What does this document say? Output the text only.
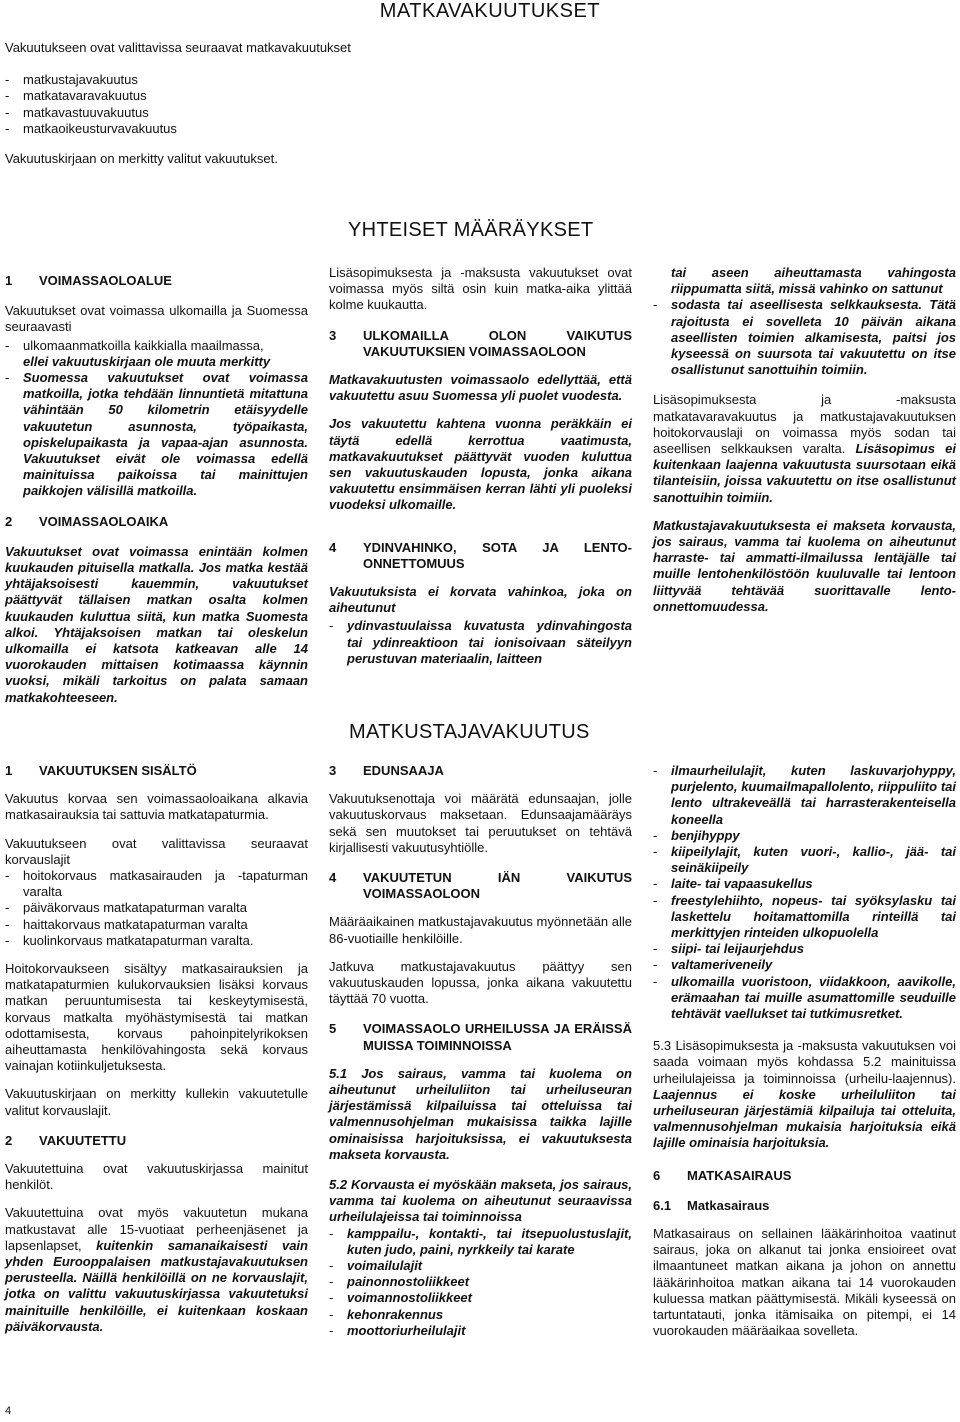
MATKAVAKUUTUKSET

Vakuutukseen ovat valittavissa seuraavat matkavakuutukset

-	matkustajavakuutus
-	matkatavaravakuutus
-	matkavastuuvakuutus
-	matkaoikeusturvavakuutus

Vakuutuskirjaan on merkitty valitut vakuutukset.

YHTEISET MÄÄRÄYKSET
1	VOIMASSAOLOALUE

Vakuutukset ovat voimassa ulkomailla ja Suomessa seuraavasti

-	ulkomaanmatkoilla kaikkialla maailmassa,
ellei vakuutuskirjaan ole muuta merkitty
-	Suomessa vakuutukset ovat voimassa matkoilla, jotka tehdään linnuntietä mitattuna vähintään 50 kilometrin etäisyydelle vakuutetun asunnosta, työpaikasta, opiskelupaikasta ja vapaa-ajan asunnosta. Vakuutukset eivät ole voimassa edellä mainituissa paikoissa tai mainittujen paikkojen välisillä matkoilla.
2	VOIMASSAOLOAIKA

Vakuutukset ovat voimassa enintään kolmen kuukauden pituisella matkalla. Jos matka kestää yhtäjaksoisesti kauemmin, vakuutukset päättyvät tällaisen matkan osalta kolmen kuukauden kuluttua siitä, kun matka Suomesta alkoi. Yhtäjaksoisen matkan tai oleskelun ulkomailla ei katsota katkeavan alle 14 vuorokauden mittaisen kotimaassa käynnin vuoksi, mikäli tarkoitus on palata samaan matkakohteeseen.

Lisäsopimuksesta ja -maksusta vakuutukset ovat voimassa myös siltä osin kuin matka-aika ylittää kolme kuukautta.

3	ULKOMAILLA OLON VAIKUTUS VAKUUTUKSIEN VOIMASSAOLOON

Matkavakuutusten voimassaolo edellyttää, että vakuutettu asuu Suomessa yli puolet vuodesta.

Jos vakuutettu kahtena vuonna peräkkäin ei täytä edellä kerrottua vaatimusta, matkavakuutukset päättyvät vuoden kuluttua sen vakuutuskauden lopusta, jonka aikana vakuutettu ensimmäisen kerran lähti yli puoleksi vuodeksi ulkomaille.

4	YDINVAHINKO, SOTA JA LENTO-ONNETTOMUUS

Vakuutuksista ei korvata vahinkoa, joka on aiheutunut

-	ydinvastuulaissa kuvatusta ydinvahingosta tai ydinreaktioon tai ionisoivaan säteilyyn perustuvan materiaalin, laitteen
tai aseen aiheuttamasta vahingosta riippumatta siitä, missä vahinko on sattunut
-	sodasta tai aseellisesta selkkauksesta. Tätä rajoitusta ei sovelleta 10 päivän aikana aseellisten toimien alkamisesta, paitsi jos kyseessä on suursota tai vakuutettu on itse osallistunut sanottuihin toimiin.

Lisäsopimuksesta ja -maksusta matkatavaravakuutus ja matkustajavakuutuksen hoitokorvauslaji on voimassa myös sodan tai aseellisen selkkauksen varalta. Lisäsopimus ei kuitenkaan laajenna vakuutusta suursotaan eikä tilanteisiin, joissa vakuutettu on itse osallistunut sanottuihin toimiin.

Matkustajavakuutuksesta ei makseta korvausta, jos sairaus, vamma tai kuolema on aiheutunut harraste- tai ammatti-ilmailussa lentäjälle tai muille lentohenkilöstöön kuuluvalle tai lentoon liittyvää tehtävää suorittavalle lento-onnettomuudessa.

MATKUSTAJAVAKUUTUS
1	VAKUUTUKSEN SISÄLTÖ

Vakuutus korvaa sen voimassaoloaikana alkavia matkasairauksia tai sattuvia matkatapaturmia.

Vakuutukseen ovat valittavissa seuraavat korvauslajit

-	hoitokorvaus matkasairauden ja -tapaturman varalta
-	päiväkorvaus matkatapaturman varalta
-	haittakorvaus matkatapaturman varalta
-	kuolinkorvaus matkatapaturman varalta.

Hoitokorvaukseen sisältyy matkasairauksien ja matkatapaturmien kulukorvauksien lisäksi korvaus matkan peruuntumisesta tai keskeytymisestä, korvaus matkalta myöhästymisestä tai matkan odottamisesta, korvaus pahoinpitelyrikoksen aiheuttamasta henkilövahingosta sekä korvaus vainajan kotiinkuljetuksesta.

Vakuutuskirjaan on merkitty kullekin vakuutetulle valitut korvauslajit.

2	VAKUUTETTU

Vakuutettuina ovat vakuutuskirjassa mainitut henkilöt.

Vakuutettuina ovat myös vakuutetun mukana matkustavat alle 15-vuotiaat perheenjäsenet ja lapsenlapset, kuitenkin samanaikaisesti vain yhden Eurooppalaisen matkustajavakuutuksen perusteella. Näillä henkilöillä on ne korvauslajit, jotka on valittu vakuutuskirjassa vakuutetuksi mainituille henkilöille, ei kuitenkaan koskaan päiväkorvausta.

3	EDUNSAAJA

Vakuutuksenottaja voi määrätä edunsaajan, jolle vakuutuskorvaus maksetaan. Edunsaajamääräys sekä sen muutokset tai peruutukset on tehtävä kirjallisesti vakuutusyhtiölle.

4	VAKUUTETUN IÄN VAIKUTUS VOIMASSAOLOON

Määräaikainen matkustajavakuutus myönnetään alle 86-vuotiaille henkilöille.

Jatkuva matkustajavakuutus päättyy sen vakuutuskauden lopussa, jonka aikana vakuutettu täyttää 70 vuotta.

5	VOIMASSAOLO URHEILUSSA JA ERÄISSÄ MUISSA TOIMINNOISSA

5.1 Jos sairaus, vamma tai kuolema on aiheutunut urheiluliiton tai urheiluseuran järjestämissä kilpailuissa tai otteluissa tai valmennusohjelman mukaisissa taikka lajille ominaisissa harjoituksissa, ei vakuutuksesta makseta korvausta.

5.2 Korvausta ei myöskään makseta, jos sairaus, vamma tai kuolema on aiheutunut seuraavissa urheilulajeissa tai toiminnoissa

-	kamppailu-, kontakti-, tai itsepuolustuslajit, kuten judo, paini, nyrkkeily tai karate
-	voimailulajit
-	painonnostoliikkeet
-	voimannostoliikkeet
-	kehonrakennus
-	moottoriurheilulajit
-	ilmaurheilulajit, kuten laskuvarjohyppy, purjelento, kuumailmapallolento, riippuliito tai lento ultrakeveällä tai harrasterakenteisella koneella
-	benjihyppy
-	kiipeilylajit, kuten vuori-, kallio-, jää- tai seinäkiipeily
-	laite- tai vapaasukellus
-	freestylehiihto, nopeus- tai syöksylasku tai laskettelu hoitamattomilla rinteillä tai merkittyjen rinteiden ulkopuolella
-	siipi- tai leijaurjehdus
-	valtameriveneily
-	ulkomailla vuoristoon, viidakkoon, aavikolle, erämaahan tai muille asumattomille seuduille tehtävät vaellukset tai tutkimusretket.

5.3 Lisäsopimuksesta ja -maksusta vakuutuksen voi saada voimaan myös kohdassa 5.2 mainituissa urheilulajeissa ja toiminnoissa (urheilu-laajennus). Laajennus ei koske urheiluliiton tai urheiluseuran järjestämiä kilpailuja tai otteluita, valmennusohjelman mukaisia harjoituksia eikä lajille ominaisia harjoituksia.

6	MATKASAIRAUS
6.1	Matkasairaus

Matkasairaus on sellainen lääkärinhoitoa vaatinut sairaus, joka on alkanut tai jonka ensioireet ovat ilmaantuneet matkan aikana ja johon on annettu lääkärinhoitoa matkan aikana tai 14 vuorokauden kuluessa matkan päättymisestä. Mikäli kyseessä on tartuntatauti, jonka itämisaika on pitempi, ei 14 vuorokauden määräaikaa sovelleta.

4
